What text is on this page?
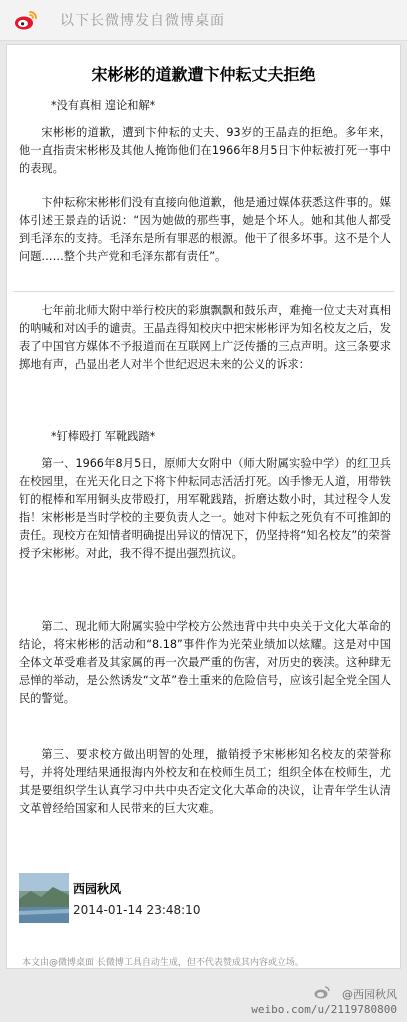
以下长微博发自微博桌面
宋彬彬的道歉遭卞仲耘丈夫拒绝
*没有真相 遑论和解*

宋彬彬的道歉，遭到卞仲耘的丈夫、93岁的王晶垚的拒绝。多年来，他一直指责宋彬彬及其他人掩饰他们在1966年8月5日卞仲耘被打死一事中的表现。

卞仲耘称宋彬彬们没有直接向他道歉，他是通过媒体获悉这件事的。媒体引述王景垚的话说：“因为她做的那些事，她是个坏人。她和其他人都受到毛泽东的支持。毛泽东是所有罪恶的根源。他干了很多坏事。这不是个人问题……整个共产党和毛泽东都有责任”。

七年前北师大附中举行校庆的彩旗飘飘和鼓乐声，难掩一位丈夫对真相的呐喊和对凶手的谴责。王晶垚得知校庆中把宋彬彬评为知名校友之后，发表了中国官方媒体不予报道而在互联网上广泛传播的三点声明。这三条要求掷地有声，凸显出老人对半个世纪迟迟未来的公义的诉求：

*钉棒殴打 军靴践踏*

第一、1966年8月5日，原师大女附中（师大附属实验中学）的红卫兵在校园里，在光天化日之下将卞仲耘同志活活打死。凶手惨无人道，用带铁钉的棍棒和军用铜头皮带殴打，用军靴践踏，折磨达数小时，其过程令人发指！宋彬彬是当时学校的主要负责人之一。她对卞仲耘之死负有不可推卸的责任。现校方在知情者明确提出异议的情况下，仍坚持将“知名校友”的荣誉授予宋彬彬。对此，我不得不提出强烈抗议。

第二、现北师大附属实验中学校方公然违背中共中央关于文化大革命的结论，将宋彬彬的活动和“8.18”事件作为光荣业绩加以炫耀。这是对中国全体文革受难者及其家属的再一次最严重的伤害，对历史的亵渎。这种肆无忌惮的举动，是公然诱发“文革”卷土重来的危险信号，应该引起全党全国人民的警觉。

第三、要求校方做出明智的处理，撤销授予宋彬彬知名校友的荣誉称号，并将处理结果通报海内外校友和在校师生员工；组织全体在校师生，尤其是要组织学生认真学习中共中央否定文化大革命的决议，让青年学生认清文革曾经给国家和人民带来的巨大灾难。

西园秋风
2014-01-14 23:48:10
本文由@微博桌面 长微博工具自动生成，但不代表赞成其内容或立场。
@西园秋风
weibo.com/u/2119780800
